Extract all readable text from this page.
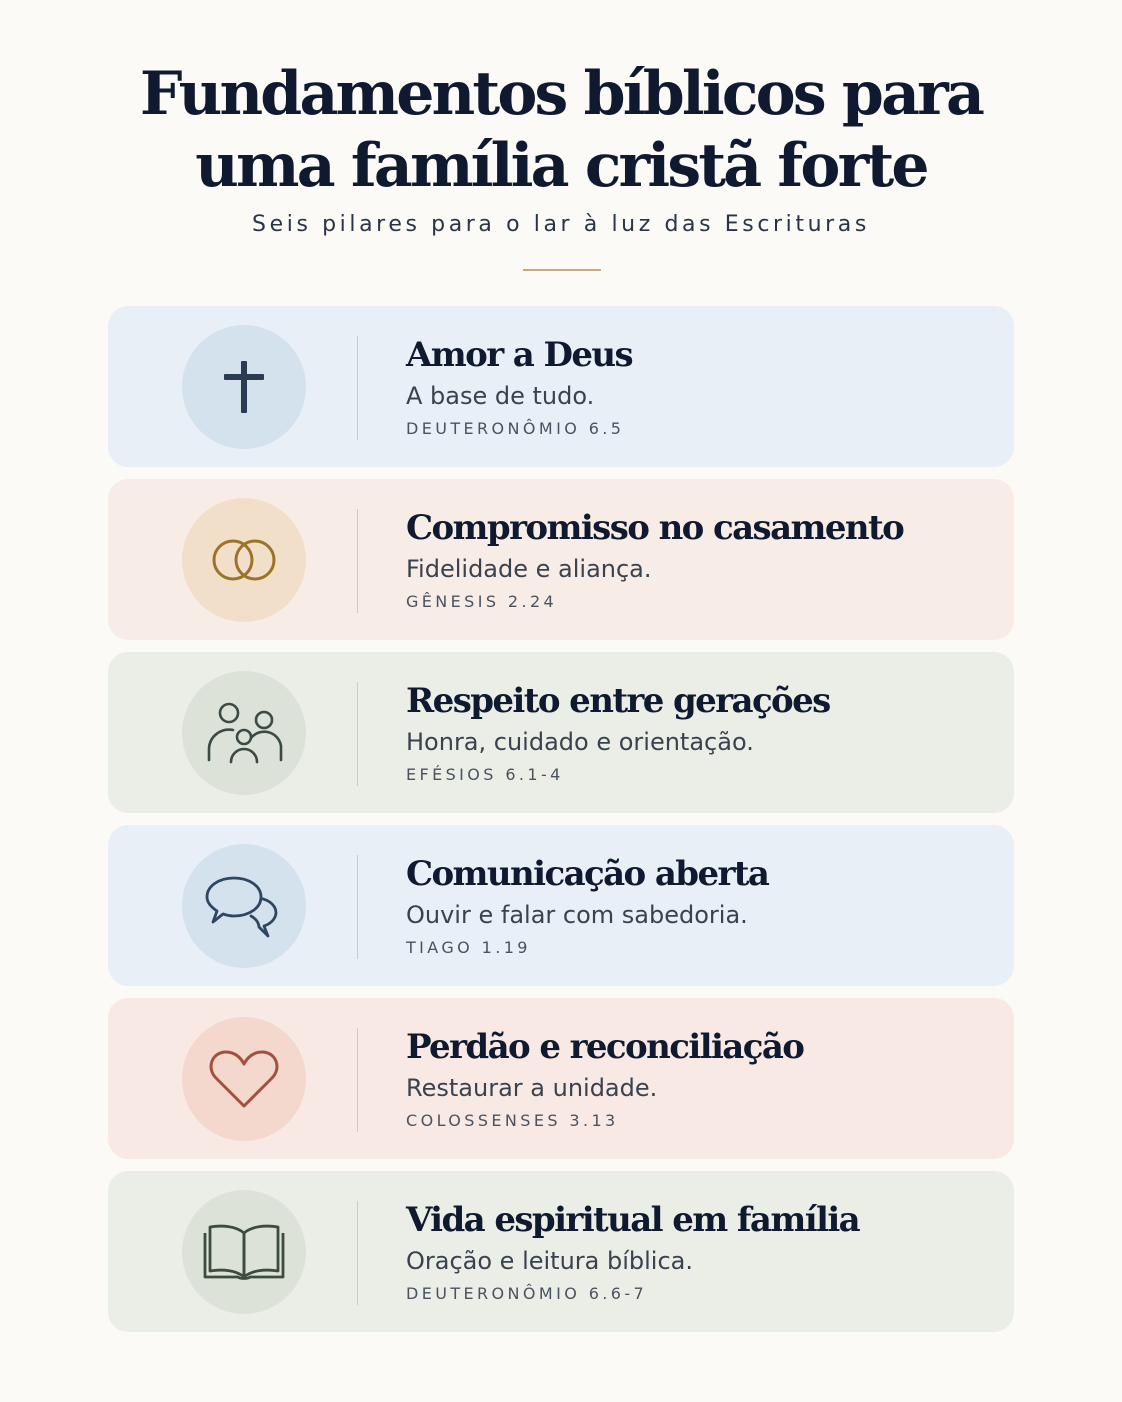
Fundamentos bíblicos para
uma família cristã forte
Seis pilares para o lar à luz das Escrituras
Amor a Deus
A base de tudo.
DEUTERONÔMIO 6.5
Compromisso no casamento
Fidelidade e aliança.
GÊNESIS 2.24
Respeito entre gerações
Honra, cuidado e orientação.
EFÉSIOS 6.1-4
Comunicação aberta
Ouvir e falar com sabedoria.
TIAGO 1.19
Perdão e reconciliação
Restaurar a unidade.
COLOSSENSES 3.13
Vida espiritual em família
Oração e leitura bíblica.
DEUTERONÔMIO 6.6-7
